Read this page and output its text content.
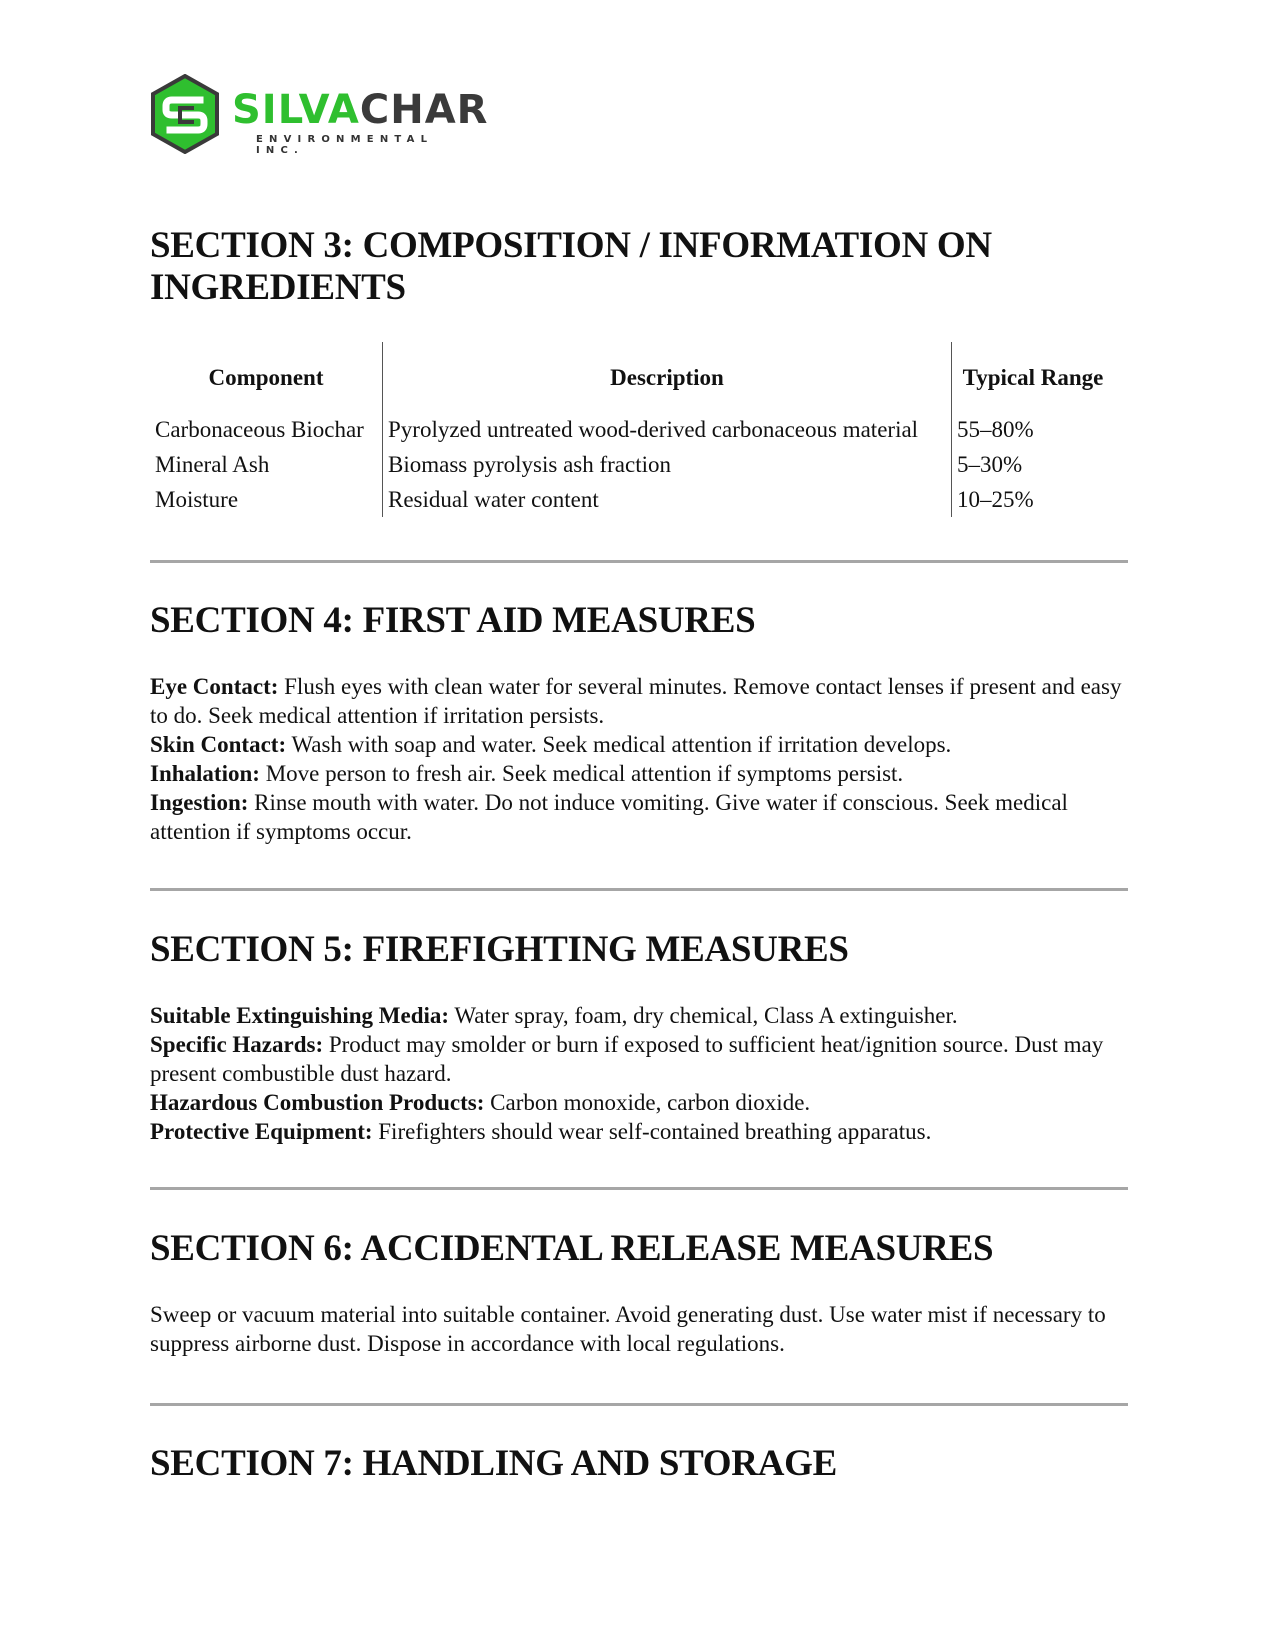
SILVACHAR
ENVIRONMENTAL INC.
SECTION 3: COMPOSITION / INFORMATION ON INGREDIENTS
Component	Description	Typical Range
Carbonaceous Biochar	Pyrolyzed untreated wood-derived carbonaceous material	55–80%
Mineral Ash	Biomass pyrolysis ash fraction	5–30%
Moisture	Residual water content	10–25%
SECTION 4: FIRST AID MEASURES

Eye Contact: Flush eyes with clean water for several minutes. Remove contact lenses if present and easy to do. Seek medical attention if irritation persists.

Skin Contact: Wash with soap and water. Seek medical attention if irritation develops.

Inhalation: Move person to fresh air. Seek medical attention if symptoms persist.

Ingestion: Rinse mouth with water. Do not induce vomiting. Give water if conscious. Seek medical attention if symptoms occur.

SECTION 5: FIREFIGHTING MEASURES

Suitable Extinguishing Media: Water spray, foam, dry chemical, Class A extinguisher.

Specific Hazards: Product may smolder or burn if exposed to sufficient heat/ignition source. Dust may present combustible dust hazard.

Hazardous Combustion Products: Carbon monoxide, carbon dioxide.

Protective Equipment: Firefighters should wear self-contained breathing apparatus.

SECTION 6: ACCIDENTAL RELEASE MEASURES

Sweep or vacuum material into suitable container. Avoid generating dust. Use water mist if necessary to suppress airborne dust. Dispose in accordance with local regulations.

SECTION 7: HANDLING AND STORAGE
